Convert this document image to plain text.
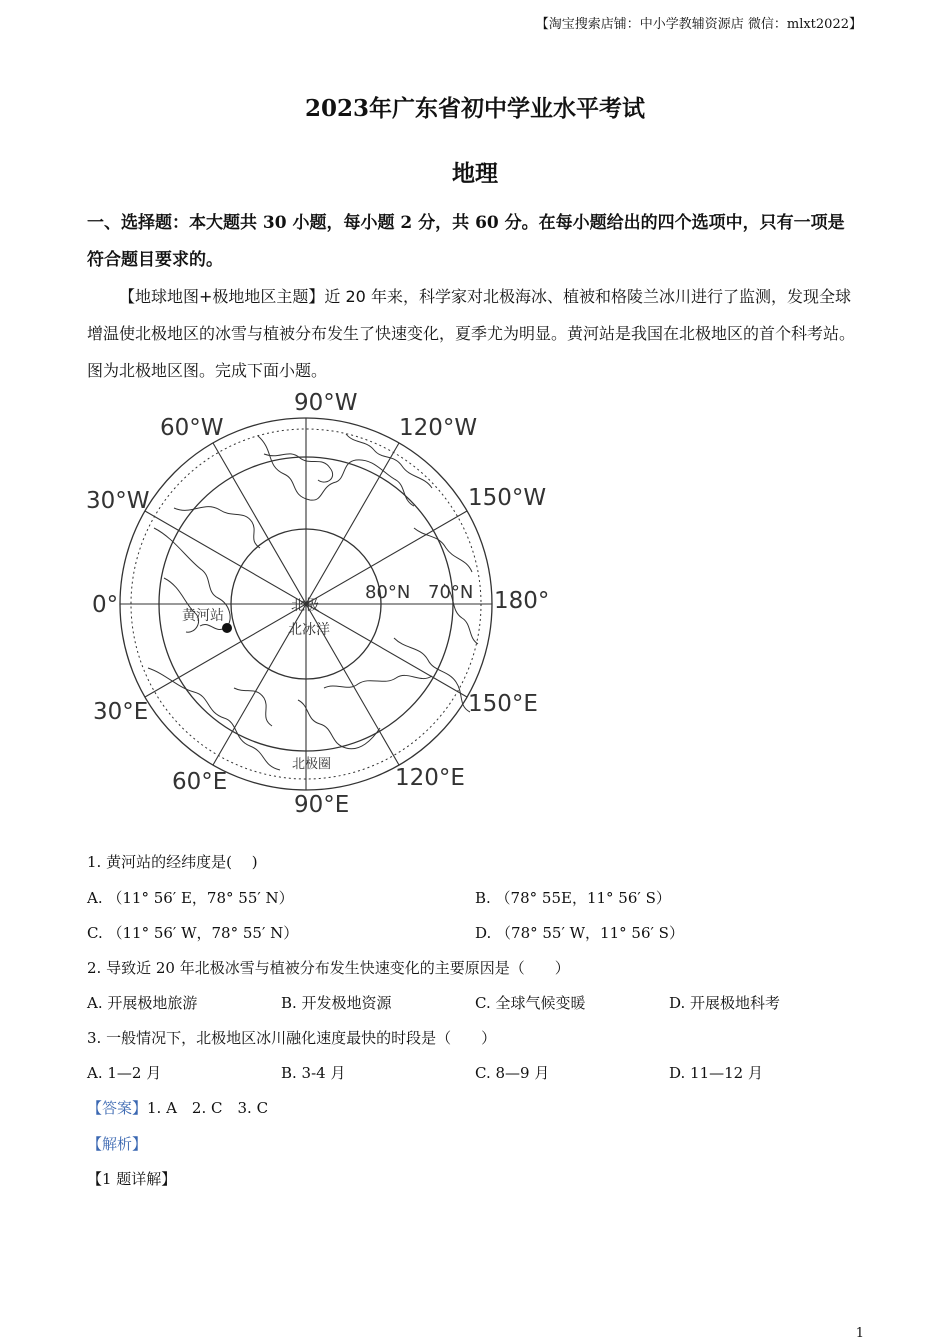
【淘宝搜索店铺：中小学教辅资源店 微信：mlxt2022】
2023年广东省初中学业水平考试
地理
一、选择题：本大题共 30 小题，每小题 2 分，共 60 分。在每小题给出的四个选项中，只有一项是符合题目要求的。
【地球地图+极地地区主题】近 20 年来，科学家对北极海冰、植被和格陵兰冰川进行了监测，发现全球增温使北极地区的冰雪与植被分布发生了快速变化，夏季尤为明显。黄河站是我国在北极地区的首个科考站。图为北极地区图。完成下面小题。
90°W
60°W	120°W
30°W	150°W
0°	180°
30°E	150°E
60°E	120°E
90°E
80°N 70°N
北极
北冰洋
黄河站
北极圈
1. 黄河站的经纬度是(　 )
A. （11° 56′ E，78° 55′ N）	B. （78° 55E，11° 56′ S）
C. （11° 56′ W，78° 55′ N）	D. （78° 55′ W，11° 56′ S）
2. 导致近 20 年北极冰雪与植被分布发生快速变化的主要原因是（　　）
A. 开展极地旅游	B. 开发极地资源	C. 全球气候变暖	D. 开展极地科考
3. 一般情况下，北极地区冰川融化速度最快的时段是（　　）
A. 1—2 月	B. 3-4 月	C. 8—9 月	D. 11—12 月
【答案】1. A　2. C　3. C
【解析】
【1 题详解】
1
